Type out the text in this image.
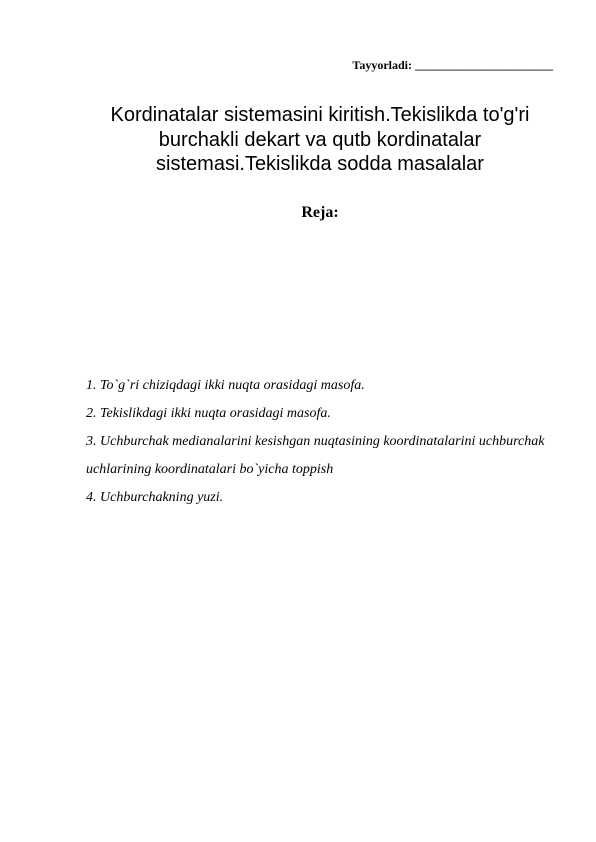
Tayyorladi: _______________________
Kordinatalar sistemasini kiritish.Tekislikda to'g'ri burchakli dekart va qutb kordinatalar sistemasi.Tekislikda sodda masalalar
Reja:
1. To`g`ri chiziqdagi ikki nuqta orasidagi masofa.
2. Tekislikdagi ikki nuqta orasidagi masofa.
3. Uchburchak medianalarini kesishgan nuqtasining koordinatalarini uchburchak uchlarining koordinatalari bo`yicha toppish
4. Uchburchakning yuzi.
